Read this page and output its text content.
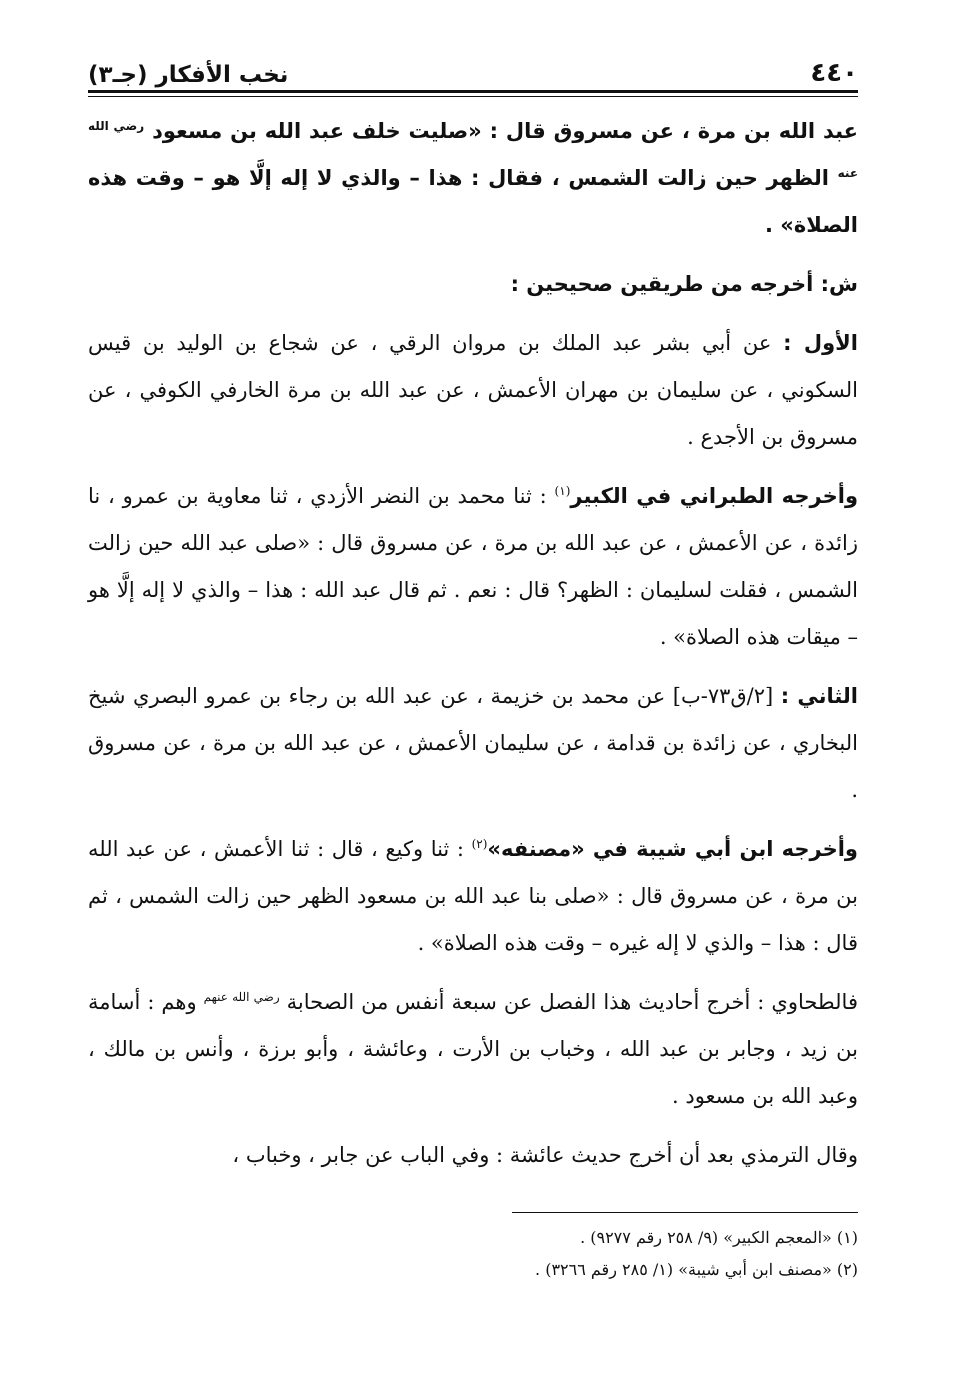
٤٤٠
نخب الأفكار (جـ٣)

عبد الله بن مرة ، عن مسروق قال : «صليت خلف عبد الله بن مسعود $^{رضي الله عنه}$ الظهر حين زالت الشمس ، فقال : هذا – والذي لا إله إلَّا هو – وقت هذه الصلاة» .

ش: أخرجه من طريقين صحيحين :

الأول : عن أبي بشر عبد الملك بن مروان الرقي ، عن شجاع بن الوليد بن قيس السكوني ، عن سليمان بن مهران الأعمش ، عن عبد الله بن مرة الخارفي الكوفي ، عن مسروق بن الأجدع .

وأخرجه الطبراني في الكبير$^{(١)}$ : ثنا محمد بن النضر الأزدي ، ثنا معاوية بن عمرو ، نا زائدة ، عن الأعمش ، عن عبد الله بن مرة ، عن مسروق قال : «صلى عبد الله حين زالت الشمس ، فقلت لسليمان : الظهر؟ قال : نعم . ثم قال عبد الله : هذا – والذي لا إله إلَّا هو – ميقات هذه الصلاة» .

الثاني : [٢/ق٧٣-ب] عن محمد بن خزيمة ، عن عبد الله بن رجاء بن عمرو البصري شيخ البخاري ، عن زائدة بن قدامة ، عن سليمان الأعمش ، عن عبد الله بن مرة ، عن مسروق .

وأخرجه ابن أبي شيبة في «مصنفه»$^{(٢)}$ : ثنا وكيع ، قال : ثنا الأعمش ، عن عبد الله بن مرة ، عن مسروق قال : «صلى بنا عبد الله بن مسعود الظهر حين زالت الشمس ، ثم قال : هذا – والذي لا إله غيره – وقت هذه الصلاة» .

فالطحاوي : أخرج أحاديث هذا الفصل عن سبعة أنفس من الصحابة $^{رضي الله عنهم}$ وهم : أسامة بن زيد ، وجابر بن عبد الله ، وخباب بن الأرت ، وعائشة ، وأبو برزة ، وأنس بن مالك ، وعبد الله بن مسعود .

وقال الترمذي بعد أن أخرج حديث عائشة : وفي الباب عن جابر ، وخباب ،

(١) «المعجم الكبير» (٩/ ٢٥٨ رقم ٩٢٧٧) .
(٢) «مصنف ابن أبي شيبة» (١/ ٢٨٥ رقم ٣٢٦٦) .
